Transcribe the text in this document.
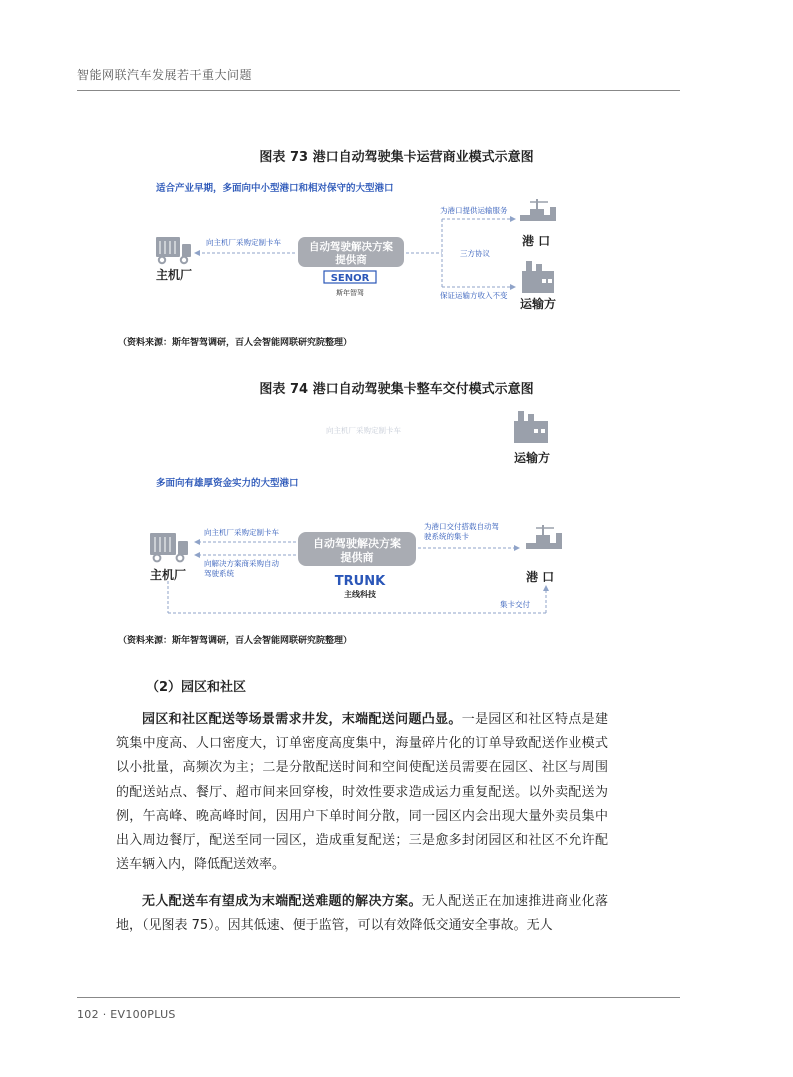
智能网联汽车发展若干重大问题
图表 73 港口自动驾驶集卡运营商业模式示意图
适合产业早期，多面向中小型港口和相对保守的大型港口
主机厂
向主机厂采购定制卡车	自动驾驶解决方案
提供商
SENOR
斯年智驾
为港口提供运输服务
保证运输方收入不变
三方协议
港 口
运输方
（资料来源：斯年智驾调研，百人会智能网联研究院整理）
图表 74 港口自动驾驶集卡整车交付模式示意图
向主机厂采购定制卡车
运输方
多面向有雄厚资金实力的大型港口
主机厂
向主机厂采购定制卡车
向解决方案商采购自动
驾驶系统
自动驾驶解决方案
提供商
TRUNK
主线科技
为港口交付搭载自动驾
驶系统的集卡
港 口
集卡交付
（资料来源：斯年智驾调研，百人会智能网联研究院整理）
（2）园区和社区

园区和社区配送等场景需求井发，末端配送问题凸显。一是园区和社区特点是建筑集中度高、人口密度大，订单密度高度集中，海量碎片化的订单导致配送作业模式以小批量，高频次为主；二是分散配送时间和空间使配送员需要在园区、社区与周围的配送站点、餐厅、超市间来回穿梭，时效性要求造成运力重复配送。以外卖配送为例，午高峰、晚高峰时间，因用户下单时间分散，同一园区内会出现大量外卖员集中出入周边餐厅，配送至同一园区，造成重复配送；三是愈多封闭园区和社区不允许配送车辆入内，降低配送效率。

无人配送车有望成为末端配送难题的解决方案。无人配送正在加速推进商业化落地，（见图表 75）。因其低速、便于监管，可以有效降低交通安全事故。无人

102 · EV100PLUS
